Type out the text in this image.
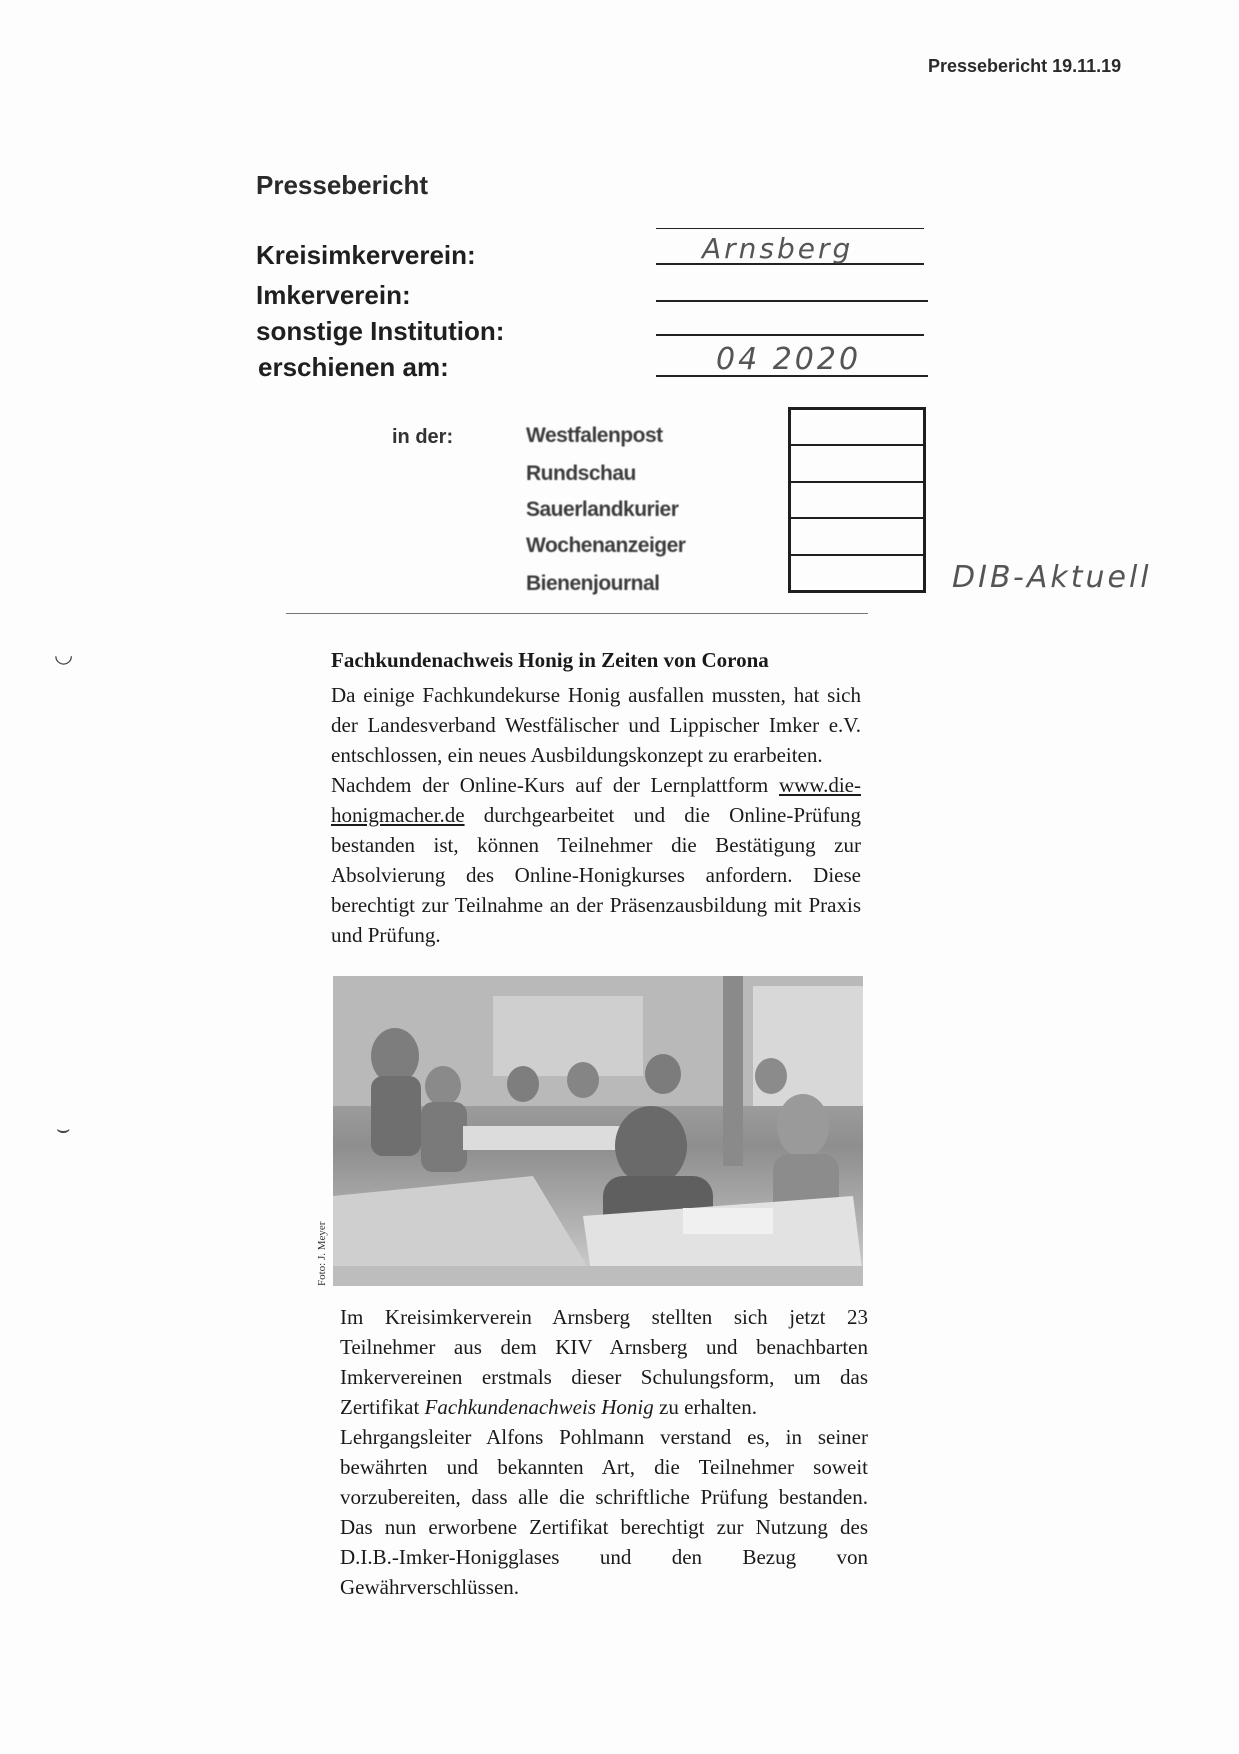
Pressebericht 19.11.19
Pressebericht
Kreisimkerverein:
Imkerverein:
sonstige Institution:
erschienen am:
Arnsberg
04 2020
in der:	Westfalenpost
Rundschau
Sauerlandkurier
Wochenanzeiger
Bienenjournal	DIB-Aktuell
◡
⌣
Fachkundenachweis Honig in Zeiten von Corona

Da einige Fachkundekurse Honig ausfallen mussten, hat sich der Landesverband Westfälischer und Lippischer Imker e.V. entschlossen, ein neues Ausbildungskonzept zu erarbeiten.

Nachdem der Online-Kurs auf der Lernplattform www.die-honigmacher.de durchgearbeitet und die Online-Prüfung bestanden ist, können Teilnehmer die Bestätigung zur Absolvierung des Online-Honigkurses anfordern. Diese berechtigt zur Teilnahme an der Präsenzausbildung mit Praxis und Prüfung.

Foto: J. Meyer

Im Kreisimkerverein Arnsberg stellten sich jetzt 23 Teilnehmer aus dem KIV Arnsberg und benachbarten Imkervereinen erstmals dieser Schulungsform, um das Zertifikat Fachkundenachweis Honig zu erhalten.

Lehrgangsleiter Alfons Pohlmann verstand es, in seiner bewährten und bekannten Art, die Teilnehmer soweit vorzubereiten, dass alle die schriftliche Prüfung bestanden. Das nun erworbene Zertifikat berechtigt zur Nutzung des D.I.B.-Imker-Honigglases und den Bezug von Gewährverschlüssen.
